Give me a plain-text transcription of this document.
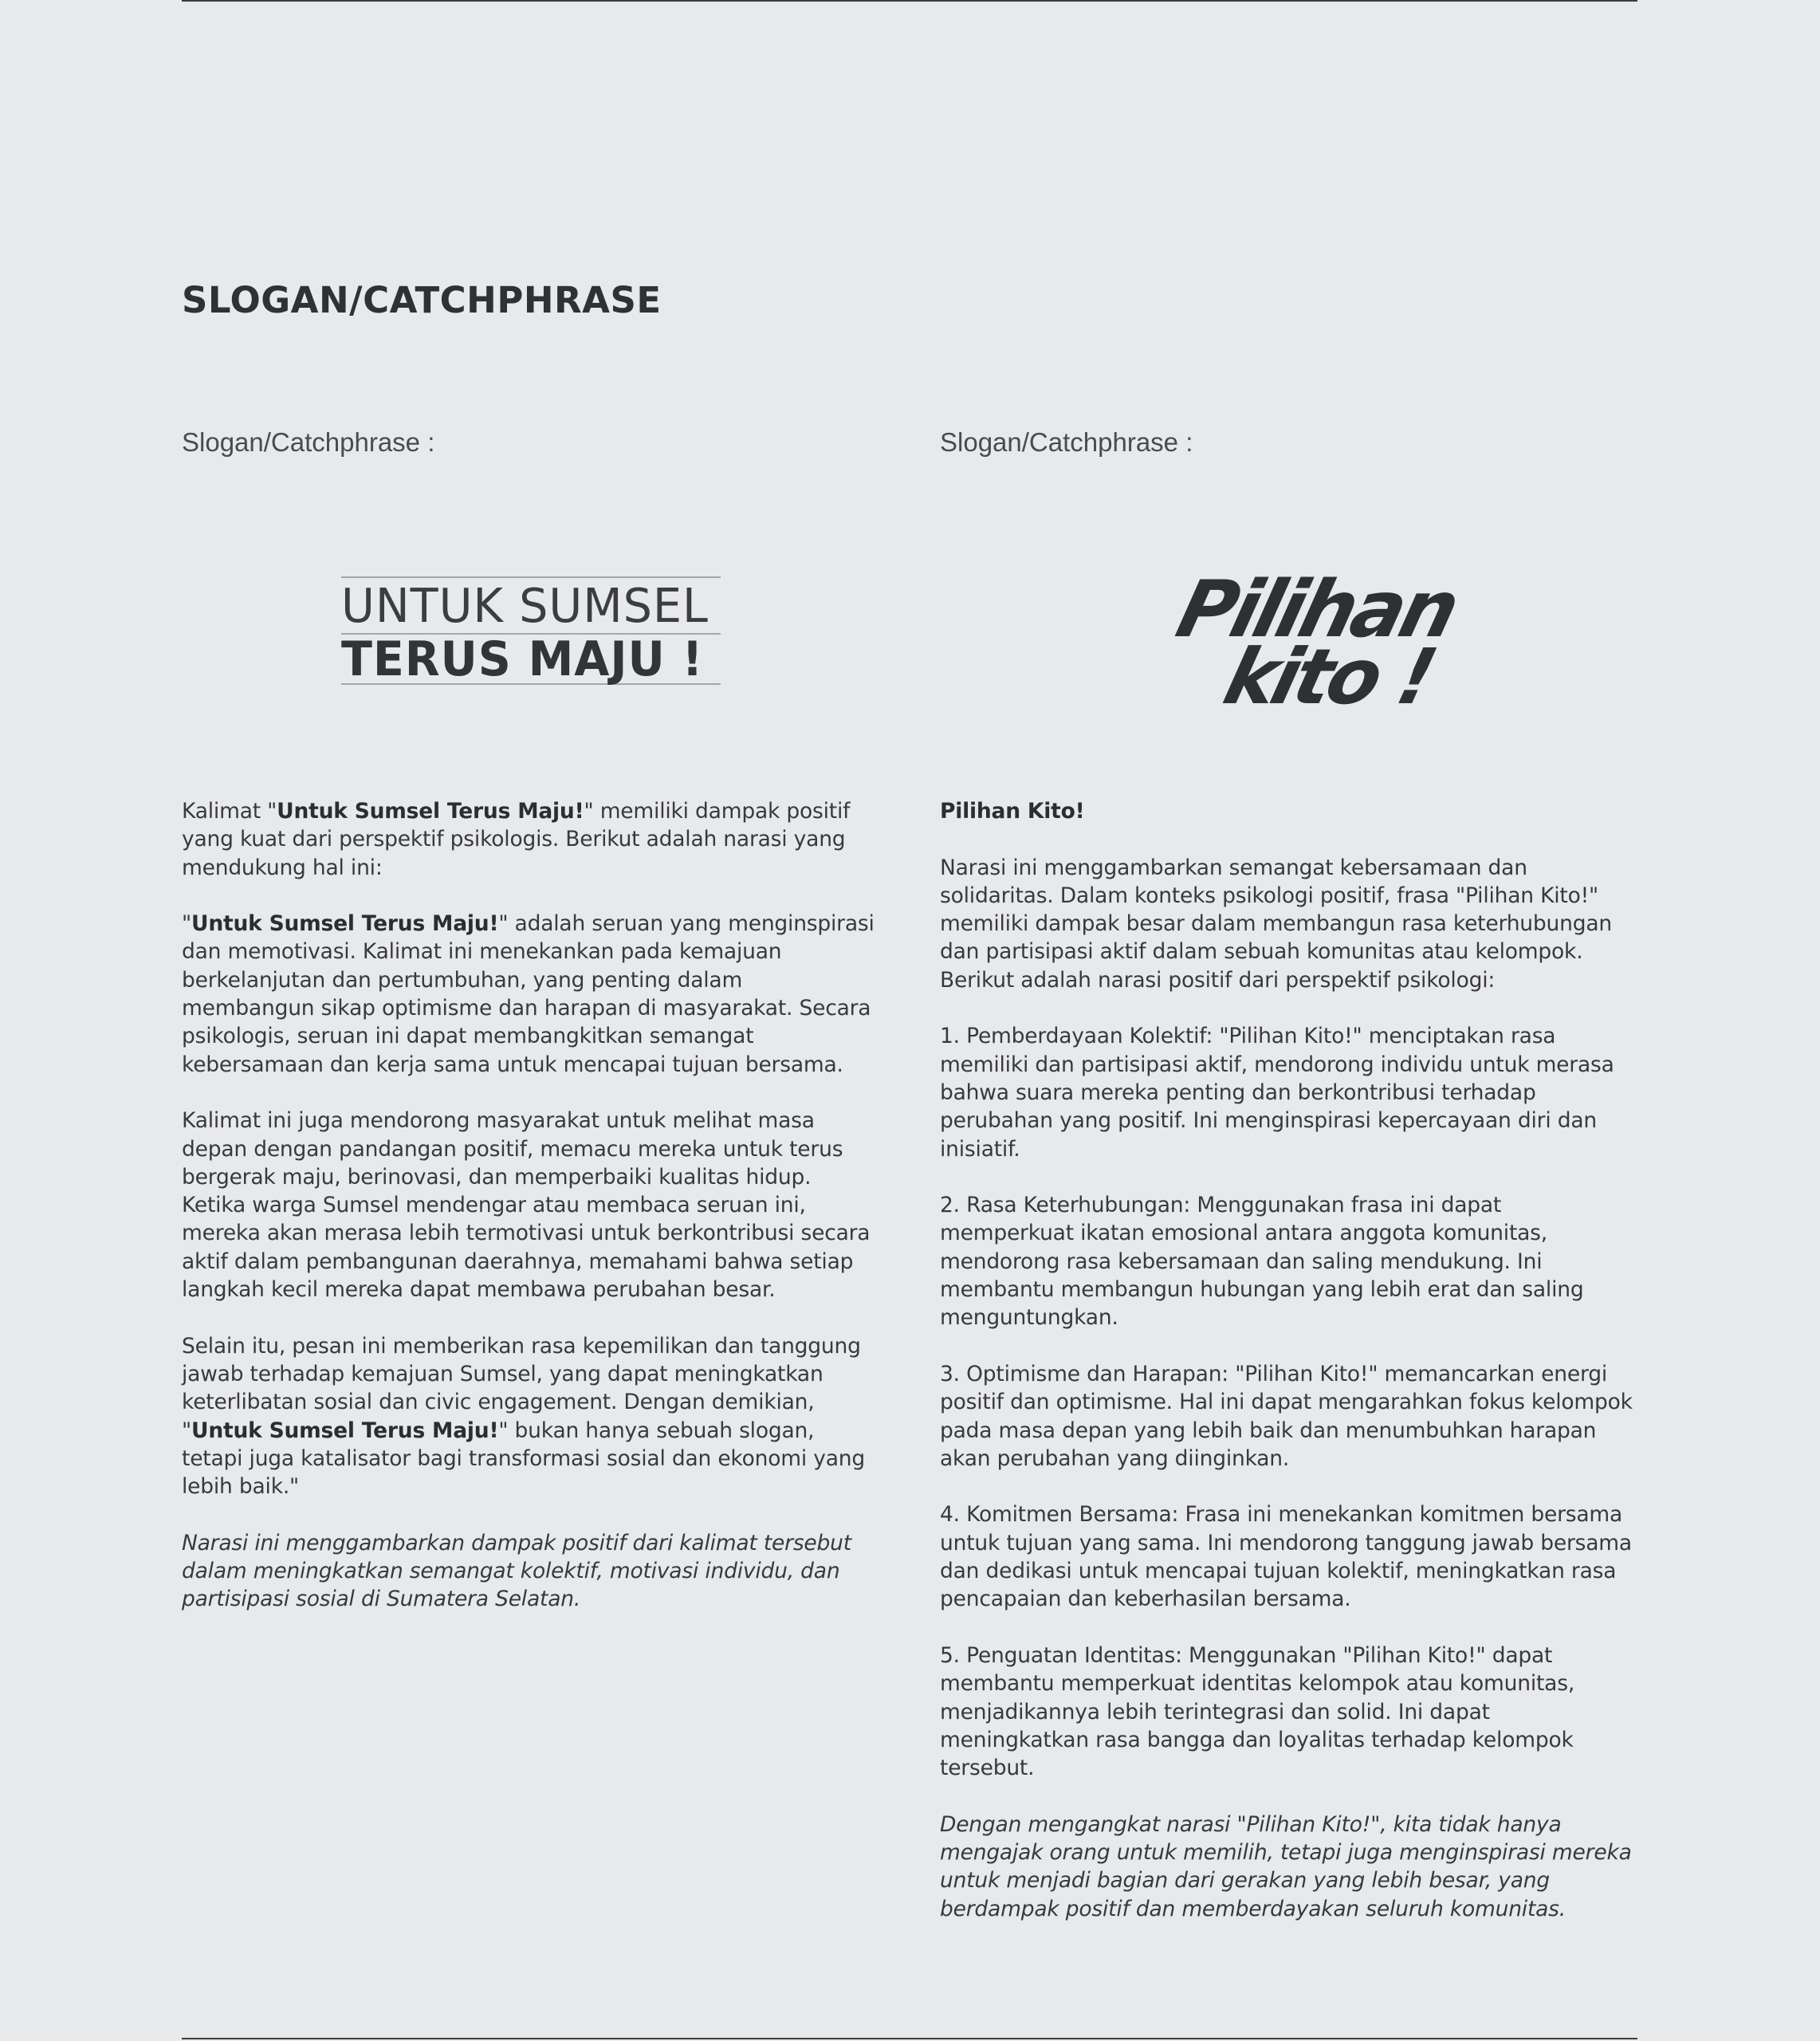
SLOGAN/CATCHPHRASE
Slogan/Catchphrase :
UNTUK SUMSEL
TERUS MAJU !

Kalimat "Untuk Sumsel Terus Maju!" memiliki dampak positif yang kuat dari perspektif psikologis. Berikut adalah narasi yang mendukung hal ini:

"Untuk Sumsel Terus Maju!" adalah seruan yang menginspirasi dan memotivasi. Kalimat ini menekankan pada kemajuan berkelanjutan dan pertumbuhan, yang penting dalam membangun sikap optimisme dan harapan di masyarakat. Secara psikologis, seruan ini dapat membangkitkan semangat kebersamaan dan kerja sama untuk mencapai tujuan bersama.

Kalimat ini juga mendorong masyarakat untuk melihat masa depan dengan pandangan positif, memacu mereka untuk terus bergerak maju, berinovasi, dan memperbaiki kualitas hidup. Ketika warga Sumsel mendengar atau membaca seruan ini, mereka akan merasa lebih termotivasi untuk berkontribusi secara aktif dalam pembangunan daerahnya, memahami bahwa setiap langkah kecil mereka dapat membawa perubahan besar.

Selain itu, pesan ini memberikan rasa kepemilikan dan tanggung jawab terhadap kemajuan Sumsel, yang dapat meningkatkan keterlibatan sosial dan civic engagement. Dengan demikian, "Untuk Sumsel Terus Maju!" bukan hanya sebuah slogan, tetapi juga katalisator bagi transformasi sosial dan ekonomi yang lebih baik."

Narasi ini menggambarkan dampak positif dari kalimat tersebut dalam meningkatkan semangat kolektif, motivasi individu, dan partisipasi sosial di Sumatera Selatan.

Slogan/Catchphrase :
Pilihan
kito !

Pilihan Kito!

Narasi ini menggambarkan semangat kebersamaan dan solidaritas. Dalam konteks psikologi positif, frasa "Pilihan Kito!" memiliki dampak besar dalam membangun rasa keterhubungan dan partisipasi aktif dalam sebuah komunitas atau kelompok. Berikut adalah narasi positif dari perspektif psikologi:

1. Pemberdayaan Kolektif: "Pilihan Kito!" menciptakan rasa memiliki dan partisipasi aktif, mendorong individu untuk merasa bahwa suara mereka penting dan berkontribusi terhadap perubahan yang positif. Ini menginspirasi kepercayaan diri dan inisiatif.

2. Rasa Keterhubungan: Menggunakan frasa ini dapat memperkuat ikatan emosional antara anggota komunitas, mendorong rasa kebersamaan dan saling mendukung. Ini membantu membangun hubungan yang lebih erat dan saling menguntungkan.

3. Optimisme dan Harapan: "Pilihan Kito!" memancarkan energi positif dan optimisme. Hal ini dapat mengarahkan fokus kelompok pada masa depan yang lebih baik dan menumbuhkan harapan akan perubahan yang diinginkan.

4. Komitmen Bersama: Frasa ini menekankan komitmen bersama untuk tujuan yang sama. Ini mendorong tanggung jawab bersama dan dedikasi untuk mencapai tujuan kolektif, meningkatkan rasa pencapaian dan keberhasilan bersama.

5. Penguatan Identitas: Menggunakan "Pilihan Kito!" dapat membantu memperkuat identitas kelompok atau komunitas, menjadikannya lebih terintegrasi dan solid. Ini dapat meningkatkan rasa bangga dan loyalitas terhadap kelompok tersebut.

Dengan mengangkat narasi "Pilihan Kito!", kita tidak hanya mengajak orang untuk memilih, tetapi juga menginspirasi mereka untuk menjadi bagian dari gerakan yang lebih besar, yang berdampak positif dan memberdayakan seluruh komunitas.
